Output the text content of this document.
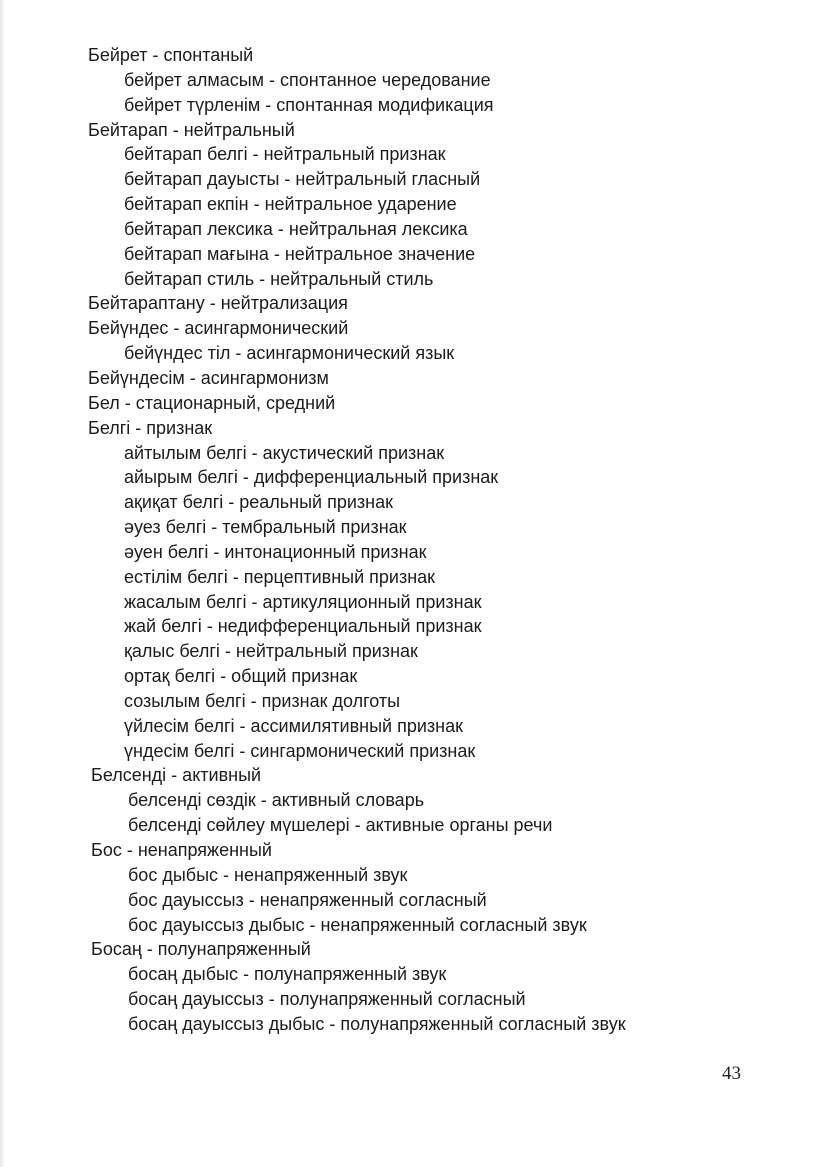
Бейрет - спонтаный
бейрет алмасым - спонтанное чередование
бейрет түрленім - спонтанная модификация
Бейтарап - нейтральный
бейтарап белгі - нейтральный признак
бейтарап дауысты - нейтральный гласный
бейтарап екпін - нейтральное ударение
бейтарап лексика - нейтральная лексика
бейтарап мағына - нейтральное значение
бейтарап стиль - нейтральный стиль
Бейтараптану - нейтрализация
Бейүндес - асингармонический
бейүндес тіл - асингармонический язык
Бейүндесім - асингармонизм
Бел - стационарный, средний
Белгі - признак
айтылым белгі - акустический признак
айырым белгі - дифференциальный признак
ақиқат белгі - реальный признак
әуез белгі - тембральный признак
әуен белгі - интонационный признак
естілім белгі - перцептивный признак
жасалым белгі - артикуляционный признак
жай белгі - недифференциальный признак
қалыс белгі - нейтральный признак
ортақ белгі - общий признак
созылым белгі - признак долготы
үйлесім белгі - ассимилятивный признак
үндесім белгі - сингармонический признак
Белсенді - активный
белсенді сөздік - активный словарь
белсенді сөйлеу мүшелері - активные органы речи
Бос - ненапряженный
бос дыбыс - ненапряженный звук
бос дауыссыз - ненапряженный согласный
бос дауыссыз дыбыс - ненапряженный согласный звук
Босаң - полунапряженный
босаң дыбыс - полунапряженный звук
босаң дауыссыз - полунапряженный согласный
босаң дауыссыз дыбыс - полунапряженный согласный звук
43
